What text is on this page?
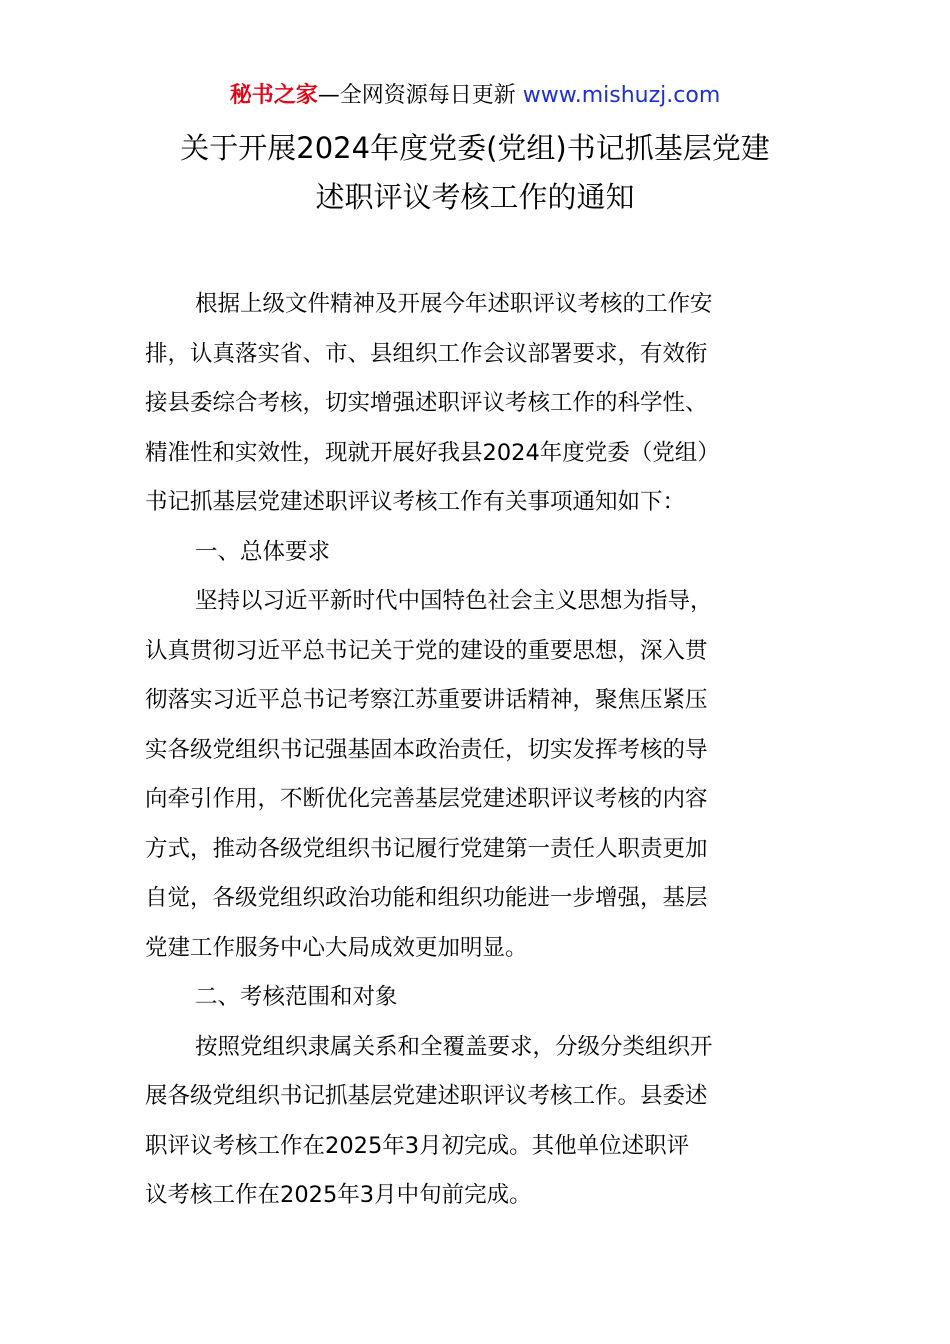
秘书之家—全网资源每日更新 www.mishuzj.com
关于开展2024年度党委(党组)书记抓基层党建
述职评议考核工作的通知
根据上级文件精神及开展今年述职评议考核的工作安
排，认真落实省、市、县组织工作会议部署要求，有效衔
接县委综合考核，切实增强述职评议考核工作的科学性、
精准性和实效性，现就开展好我县2024年度党委（党组）
书记抓基层党建述职评议考核工作有关事项通知如下：
一、总体要求
坚持以习近平新时代中国特色社会主义思想为指导，
认真贯彻习近平总书记关于党的建设的重要思想，深入贯
彻落实习近平总书记考察江苏重要讲话精神，聚焦压紧压
实各级党组织书记强基固本政治责任，切实发挥考核的导
向牵引作用，不断优化完善基层党建述职评议考核的内容
方式，推动各级党组织书记履行党建第一责任人职责更加
自觉，各级党组织政治功能和组织功能进一步增强，基层
党建工作服务中心大局成效更加明显。
二、考核范围和对象
按照党组织隶属关系和全覆盖要求，分级分类组织开
展各级党组织书记抓基层党建述职评议考核工作。县委述
职评议考核工作在2025年3月初完成。其他单位述职评
议考核工作在2025年3月中旬前完成。
